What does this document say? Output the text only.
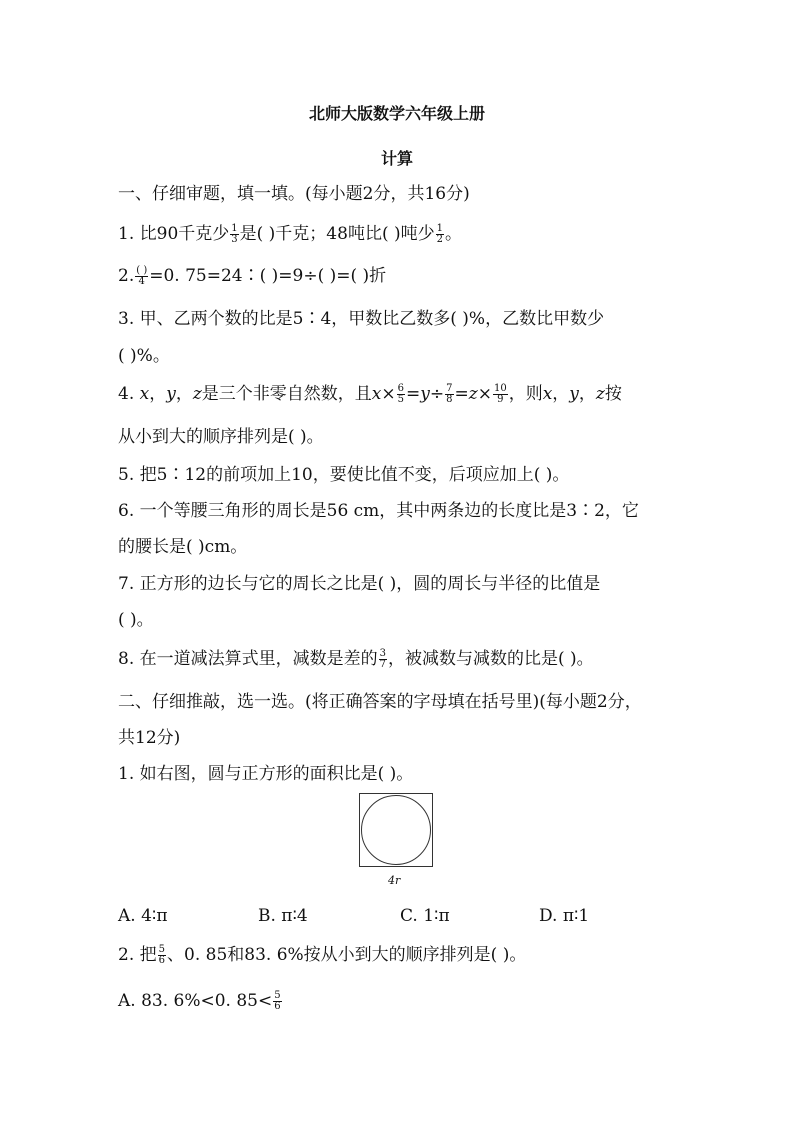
北师大版数学六年级上册
计算
一、仔细审题，填一填。(每小题2分，共16分)
1. 比90千克少 $\frac{1}{3}$ 是( )千克；48吨比( )吨少 $\frac{1}{2}$ 。
2. $\frac{( )}{4} =0$. 75=24∶( )=9÷( )=( )折
3. 甲、乙两个数的比是5∶4，甲数比乙数多( )%，乙数比甲数少
( )%。
4. x，y，z是三个非零自然数，且$x\times \frac{6}{5} =y\div \frac{7}{8} =z\times \frac{10}{9}$ ，则x，y，z按
从小到大的顺序排列是( )。
5. 把5∶12的前项加上10，要使比值不变，后项应加上( )。
6. 一个等腰三角形的周长是56 cm，其中两条边的长度比是3∶2，它
的腰长是( )cm。
7. 正方形的边长与它的周长之比是( )，圆的周长与半径的比值是
( )。
8. 在一道减法算式里，减数是差的 $\frac{3}{7}$ ，被减数与减数的比是( )。
二、仔细推敲，选一选。(将正确答案的字母填在括号里)(每小题2分，
共12分)
1. 如右图，圆与正方形的面积比是( )。
4r
A. 4∶π	B. π∶4	C. 1∶π	D. π∶1
2. 把 $\frac{5}{6}$ 、0. 85和83. 6%按从小到大的顺序排列是( )。
A. 83. 6%<0. $85< \frac{5}{6}$
